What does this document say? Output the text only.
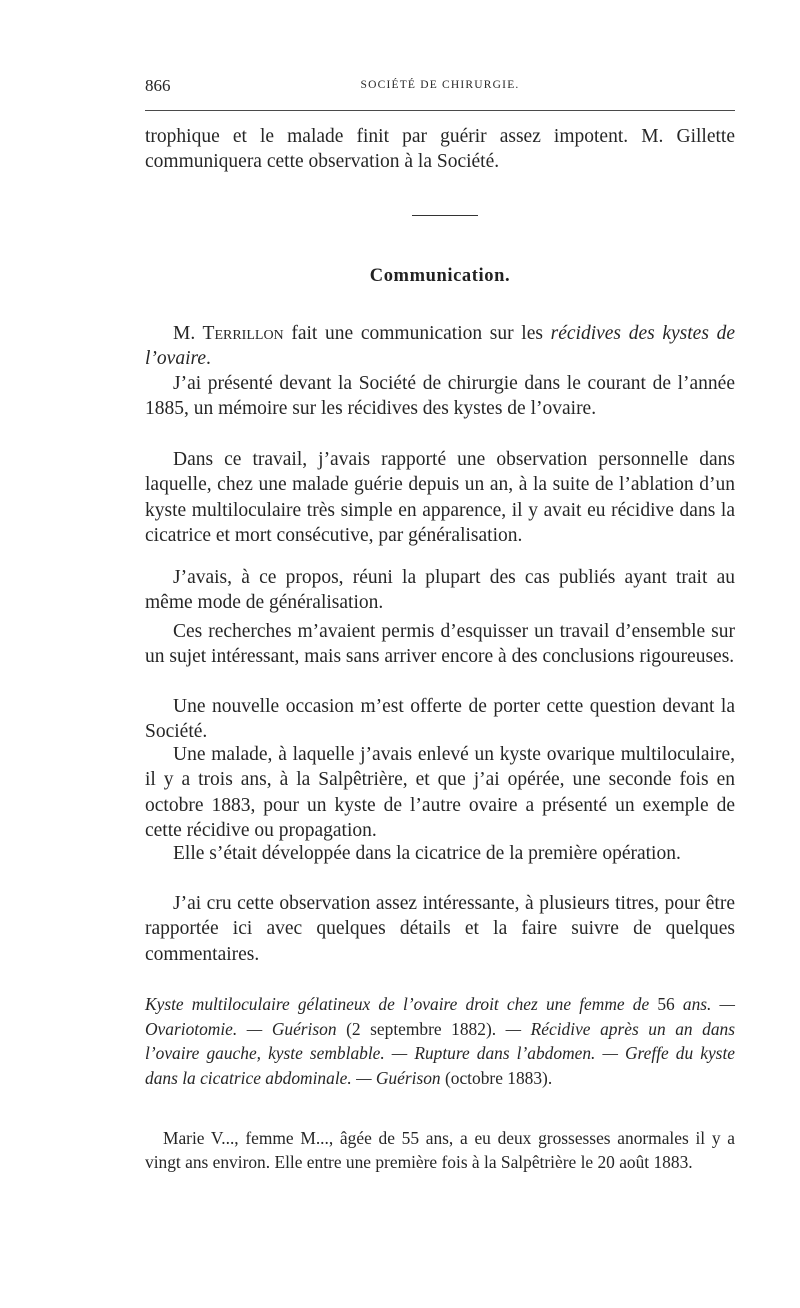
866	SOCIÉTÉ DE CHIRURGIE.

trophique et le malade finit par guérir assez impotent. M. Gillette communiquera cette observation à la Société.

Communication.

M. Terrillon fait une communication sur les récidives des kystes de l’ovaire.

J’ai présenté devant la Société de chirurgie dans le courant de l’année 1885, un mémoire sur les récidives des kystes de l’ovaire.

Dans ce travail, j’avais rapporté une observation personnelle dans laquelle, chez une malade guérie depuis un an, à la suite de l’ablation d’un kyste multiloculaire très simple en apparence, il y avait eu récidive dans la cicatrice et mort consécutive, par généralisation.

J’avais, à ce propos, réuni la plupart des cas publiés ayant trait au même mode de généralisation.

Ces recherches m’avaient permis d’esquisser un travail d’ensemble sur un sujet intéressant, mais sans arriver encore à des conclusions rigoureuses.

Une nouvelle occasion m’est offerte de porter cette question devant la Société.

Une malade, à laquelle j’avais enlevé un kyste ovarique multiloculaire, il y a trois ans, à la Salpêtrière, et que j’ai opérée, une seconde fois en octobre 1883, pour un kyste de l’autre ovaire a présenté un exemple de cette récidive ou propagation.

Elle s’était développée dans la cicatrice de la première opération.

J’ai cru cette observation assez intéressante, à plusieurs titres, pour être rapportée ici avec quelques détails et la faire suivre de quelques commentaires.

Kyste multiloculaire gélatineux de l’ovaire droit chez une femme de 56 ans. — Ovariotomie. — Guérison (2 septembre 1882). — Récidive après un an dans l’ovaire gauche, kyste semblable. — Rupture dans l’abdomen. — Greffe du kyste dans la cicatrice abdominale. — Guérison (octobre 1883).

Marie V..., femme M..., âgée de 55 ans, a eu deux grossesses anormales il y a vingt ans environ. Elle entre une première fois à la Salpêtrière le 20 août 1883.
